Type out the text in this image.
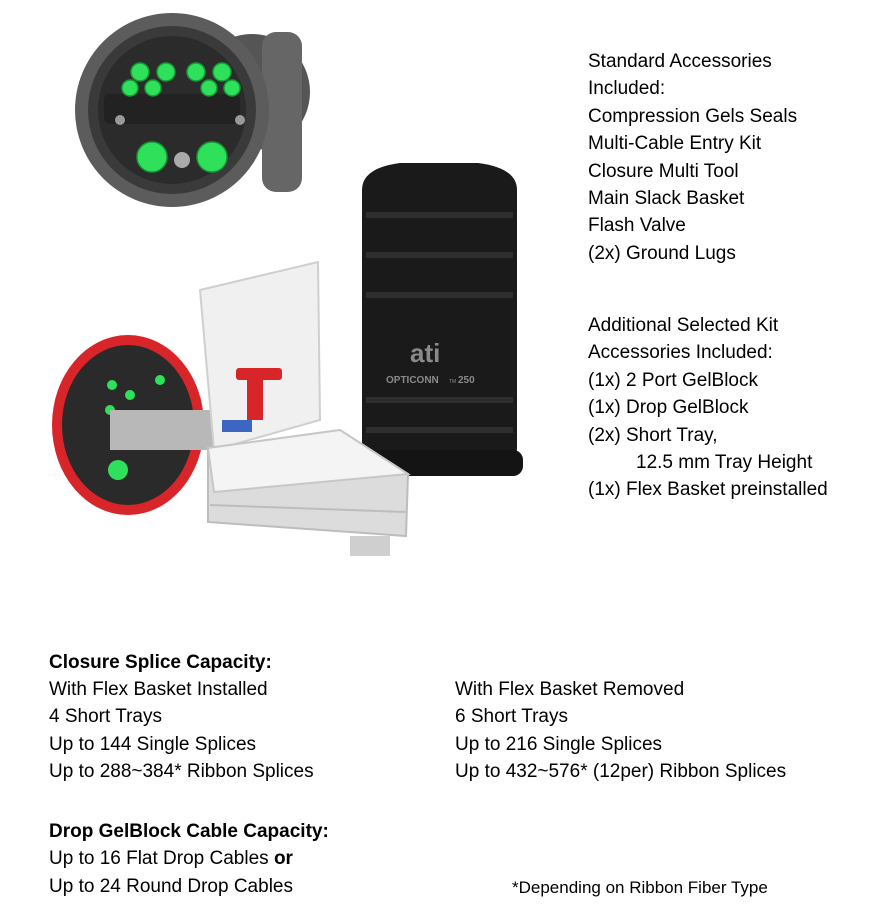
ati
OPTICONN TM 250
Standard Accessories
Included:
Compression Gels Seals
Multi-Cable Entry Kit
Closure Multi Tool
Main Slack Basket
Flash Valve
(2x) Ground Lugs
Additional Selected Kit
Accessories Included:
(1x) 2 Port GelBlock
(1x) Drop GelBlock
(2x) Short Tray,
12.5 mm Tray Height
(1x) Flex Basket preinstalled
Closure Splice Capacity:
With Flex Basket Installed
4 Short Trays
Up to 144 Single Splices
Up to 288~384* Ribbon Splices
With Flex Basket Removed
6 Short Trays
Up to 216 Single Splices
Up to 432~576* (12per) Ribbon Splices
Drop GelBlock Cable Capacity:
Up to 16 Flat Drop Cables or
Up to 24 Round Drop Cables	*Depending on Ribbon Fiber Type
